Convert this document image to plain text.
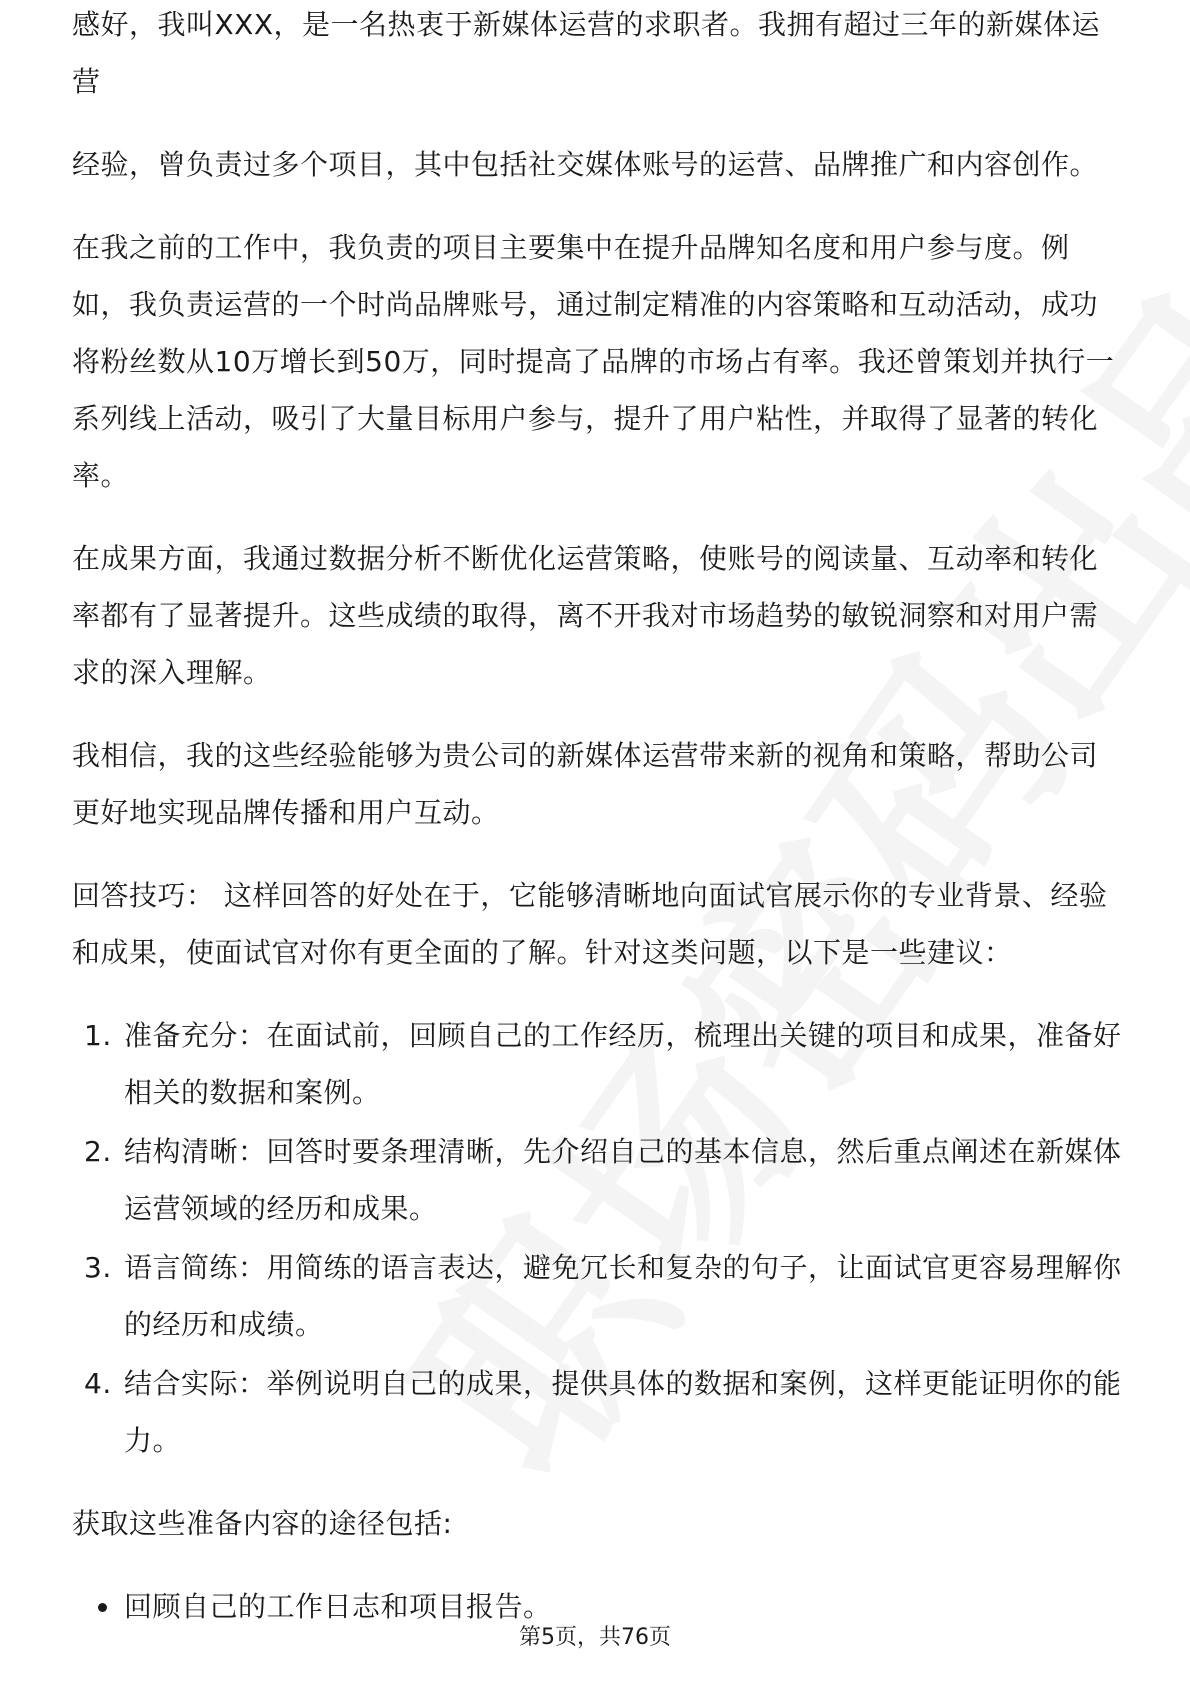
感好，我叫XXX，是一名热衷于新媒体运营的求职者。我拥有超过三年的新媒体运营

经验，曾负责过多个项目，其中包括社交媒体账号的运营、品牌推广和内容创作。

在我之前的工作中，我负责的项目主要集中在提升品牌知名度和用户参与度。例如，我负责运营的一个时尚品牌账号，通过制定精准的内容策略和互动活动，成功将粉丝数从10万增长到50万，同时提高了品牌的市场占有率。我还曾策划并执行一系列线上活动，吸引了大量目标用户参与，提升了用户粘性，并取得了显著的转化率。

在成果方面，我通过数据分析不断优化运营策略，使账号的阅读量、互动率和转化率都有了显著提升。这些成绩的取得，离不开我对市场趋势的敏锐洞察和对用户需求的深入理解。

我相信，我的这些经验能够为贵公司的新媒体运营带来新的视角和策略，帮助公司更好地实现品牌传播和用户互动。

回答技巧： 这样回答的好处在于，它能够清晰地向面试官展示你的专业背景、经验和成果，使面试官对你有更全面的了解。针对这类问题，以下是一些建议：

1. 准备充分：在面试前，回顾自己的工作经历，梳理出关键的项目和成果，准备好相关的数据和案例。
2. 结构清晰：回答时要条理清晰，先介绍自己的基本信息，然后重点阐述在新媒体运营领域的经历和成果。
3. 语言简练：用简练的语言表达，避免冗长和复杂的句子，让面试官更容易理解你的经历和成绩。
4. 结合实际：举例说明自己的成果，提供具体的数据和案例，这样更能证明你的能力。

获取这些准备内容的途径包括:

回顾自己的工作日志和项目报告。
第5页，共76页
